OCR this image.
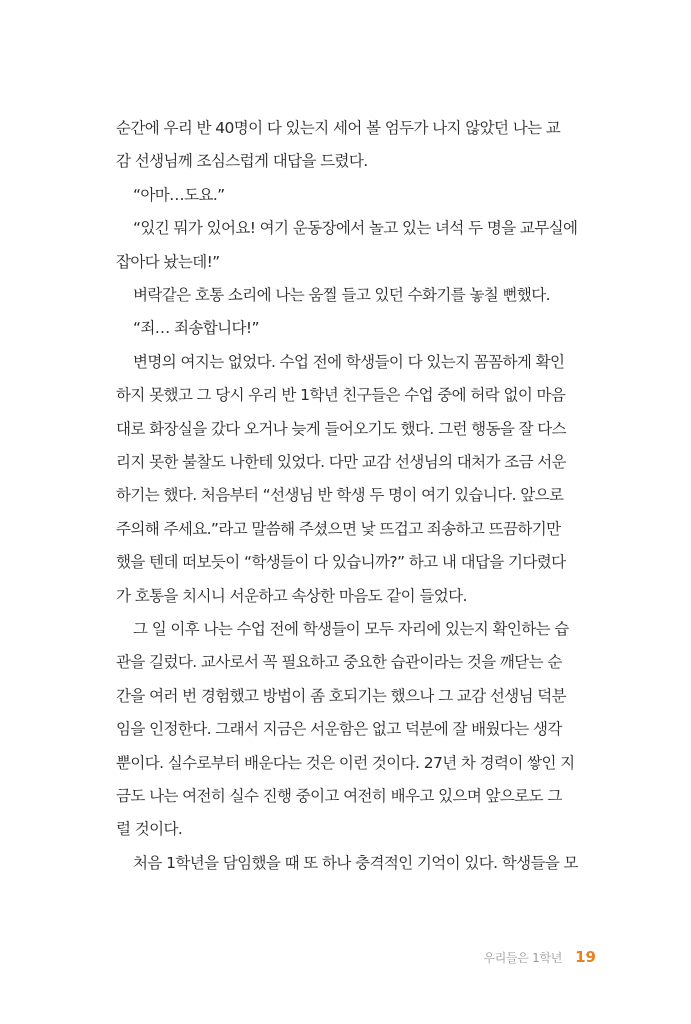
순간에 우리 반 40명이 다 있는지 세어 볼 엄두가 나지 않았던 나는 교
감 선생님께 조심스럽게 대답을 드렸다.
“아마…도요.”
“있긴 뭐가 있어요! 여기 운동장에서 놀고 있는 녀석 두 명을 교무실에
잡아다 놨는데!”
벼락같은 호통 소리에 나는 움찔 들고 있던 수화기를 놓칠 뻔했다.
“죄… 죄송합니다!”
변명의 여지는 없었다. 수업 전에 학생들이 다 있는지 꼼꼼하게 확인
하지 못했고 그 당시 우리 반 1학년 친구들은 수업 중에 허락 없이 마음
대로 화장실을 갔다 오거나 늦게 들어오기도 했다. 그런 행동을 잘 다스
리지 못한 불찰도 나한테 있었다. 다만 교감 선생님의 대처가 조금 서운
하기는 했다. 처음부터 “선생님 반 학생 두 명이 여기 있습니다. 앞으로
주의해 주세요.”라고 말씀해 주셨으면 낯 뜨겁고 죄송하고 뜨끔하기만
했을 텐데 떠보듯이 “학생들이 다 있습니까?” 하고 내 대답을 기다렸다
가 호통을 치시니 서운하고 속상한 마음도 같이 들었다.
그 일 이후 나는 수업 전에 학생들이 모두 자리에 있는지 확인하는 습
관을 길렀다. 교사로서 꼭 필요하고 중요한 습관이라는 것을 깨닫는 순
간을 여러 번 경험했고 방법이 좀 호되기는 했으나 그 교감 선생님 덕분
임을 인정한다. 그래서 지금은 서운함은 없고 덕분에 잘 배웠다는 생각
뿐이다. 실수로부터 배운다는 것은 이런 것이다. 27년 차 경력이 쌓인 지
금도 나는 여전히 실수 진행 중이고 여전히 배우고 있으며 앞으로도 그
럴 것이다.
처음 1학년을 담임했을 때 또 하나 충격적인 기억이 있다. 학생들을 모
우리들은 1학년 19
